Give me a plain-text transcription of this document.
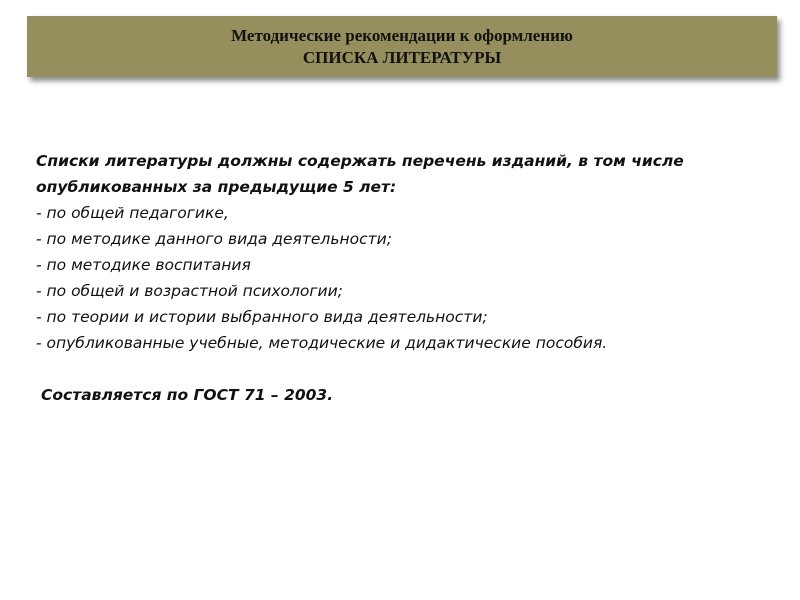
Методические рекомендации к оформлению
СПИСКА ЛИТЕРАТУРЫ
Списки литературы должны содержать перечень изданий, в том числе
опубликованных за предыдущие 5 лет:
- по общей педагогике,
- по методике данного вида деятельности;
- по методике воспитания
- по общей и возрастной психологии;
- по теории и истории выбранного вида деятельности;
- опубликованные учебные, методические и дидактические пособия.
Составляется по ГОСТ 71 – 2003.
